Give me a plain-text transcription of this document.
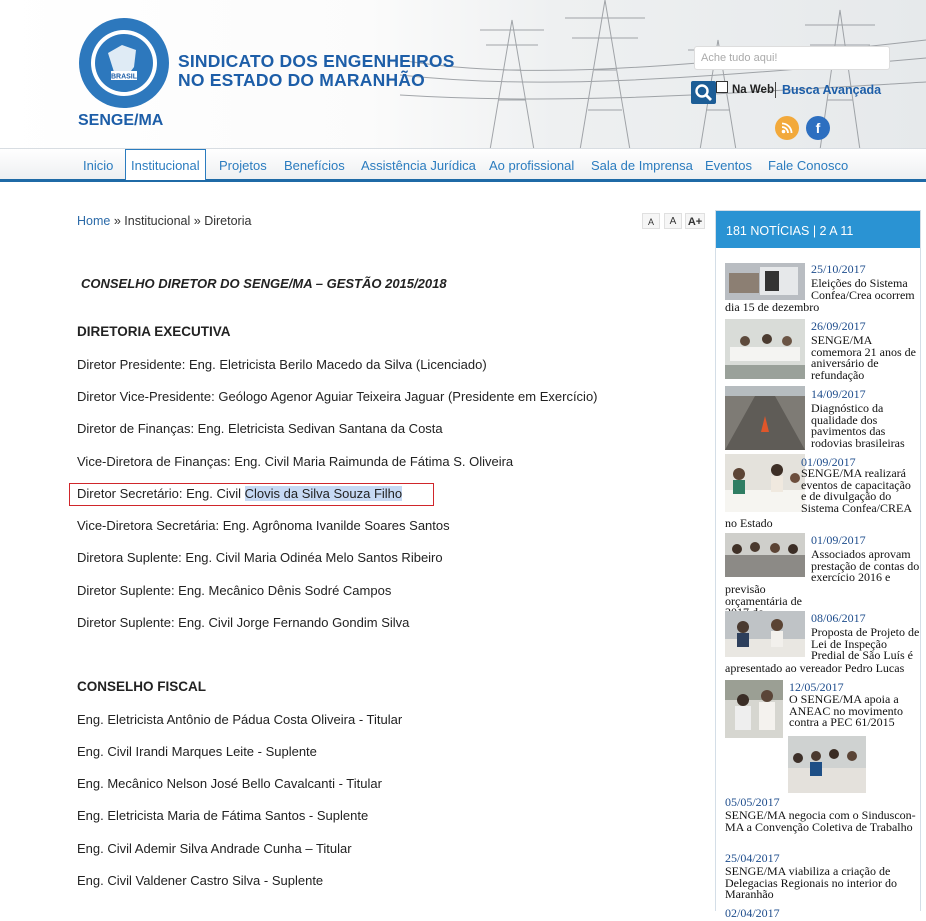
BRASIL
SINDICATO DOS ENGENHEIROS
NO ESTADO DO MARANHÃO
SENGE/MA
Ache tudo aqui!
Na Web Busca Avançada
f
Inicio	Institucional	Projetos Benefícios Assistência Jurídica Ao profissional Sala de Imprensa Eventos Fale Conosco
Home » Institucional » Diretoria	A	A	A+
CONSELHO DIRETOR DO SENGE/MA – GESTÃO 2015/2018
DIRETORIA EXECUTIVA
Diretor Presidente: Eng. Eletricista Berilo Macedo da Silva (Licenciado)
Diretor Vice-Presidente: Geólogo Agenor Aguiar Teixeira Jaguar (Presidente em Exercício)
Diretor de Finanças: Eng. Eletricista Sedivan Santana da Costa
Vice-Diretora de Finanças: Eng. Civil Maria Raimunda de Fátima S. Oliveira
Diretor Secretário: Eng. Civil Clovis da Silva Souza Filho
Vice-Diretora Secretária: Eng. Agrônoma Ivanilde Soares Santos
Diretora Suplente: Eng. Civil Maria Odinéa Melo Santos Ribeiro
Diretor Suplente: Eng. Mecânico Dênis Sodré Campos
Diretor Suplente: Eng. Civil Jorge Fernando Gondim Silva
CONSELHO FISCAL
Eng. Eletricista Antônio de Pádua Costa Oliveira - Titular
Eng. Civil Irandi Marques Leite - Suplente
Eng. Mecânico Nelson José Bello Cavalcanti - Titular
Eng. Eletricista Maria de Fátima Santos - Suplente
Eng. Civil Ademir Silva Andrade Cunha – Titular
Eng. Civil Valdener Castro Silva - Suplente
181 NOTÍCIAS | 2 A 11
25/10/2017
Eleições do Sistema Confea/Crea ocorrem
dia 15 de dezembro
26/09/2017
SENGE/MA comemora 21 anos de aniversário de refundação
14/09/2017
Diagnóstico da qualidade dos pavimentos das rodovias brasileiras
01/09/2017
SENGE/MA realizará eventos de capacitação e de divulgação do Sistema Confea/CREA
no Estado
01/09/2017
Associados aprovam prestação de contas do exercício 2016 e
previsão orçamentária de
08/06/2017
Proposta de Projeto de Lei de Inspeção Predial de São Luís é
apresentado ao vereador Pedro Lucas
12/05/2017
O SENGE/MA apoia a ANEAC no movimento contra a PEC 61/2015
05/05/2017
SENGE/MA negocia com o Sinduscon-MA a Convenção Coletiva de Trabalho
25/04/2017
SENGE/MA viabiliza a criação de Delegacias Regionais no interior do Maranhão
02/04/2017
